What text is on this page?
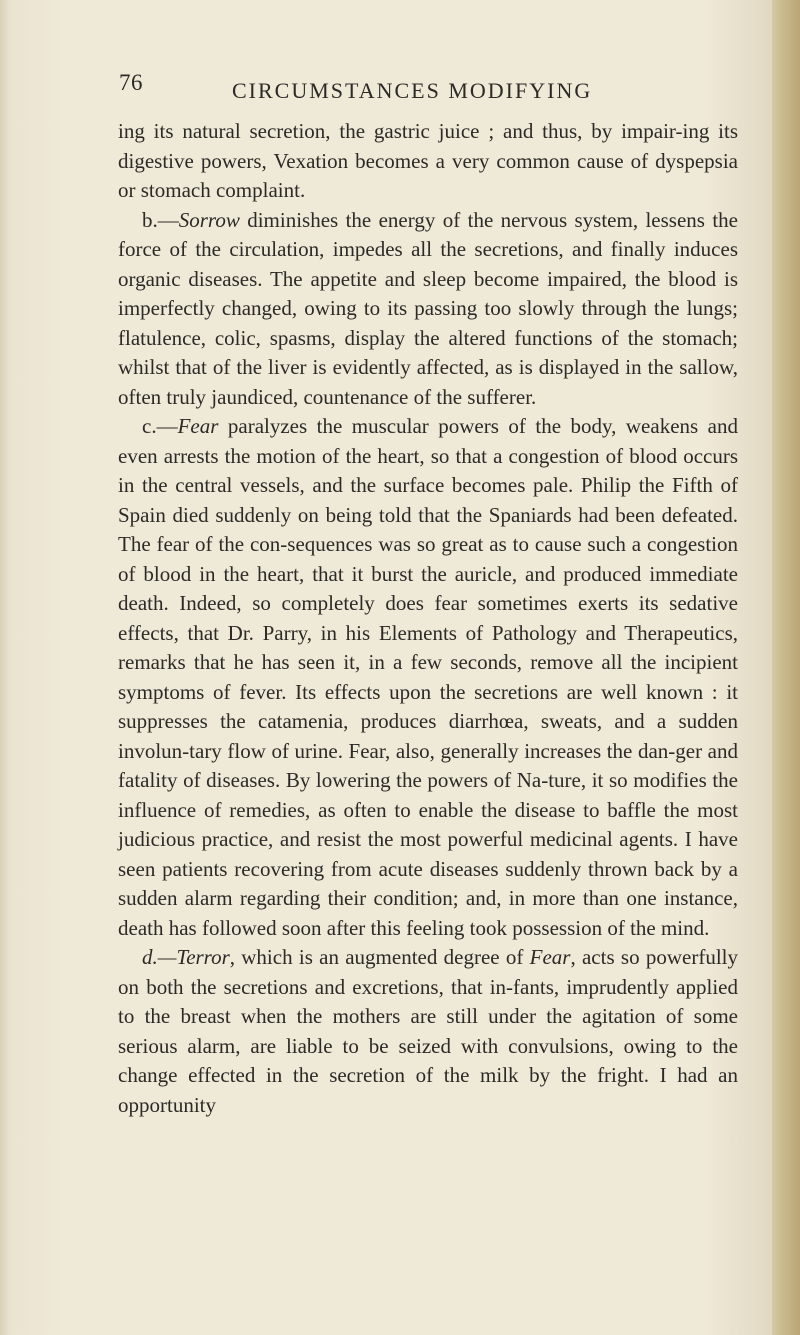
76	CIRCUMSTANCES MODIFYING

ing its natural secretion, the gastric juice ; and thus, by impair-ing its digestive powers, Vexation becomes a very common cause of dyspepsia or stomach complaint.

b.—Sorrow diminishes the energy of the nervous system, lessens the force of the circulation, impedes all the secretions, and finally induces organic diseases. The appetite and sleep become impaired, the blood is imperfectly changed, owing to its passing too slowly through the lungs; flatulence, colic, spasms, display the altered functions of the stomach; whilst that of the liver is evidently affected, as is displayed in the sallow, often truly jaundiced, countenance of the sufferer.

c.—Fear paralyzes the muscular powers of the body, weakens and even arrests the motion of the heart, so that a congestion of blood occurs in the central vessels, and the surface becomes pale. Philip the Fifth of Spain died suddenly on being told that the Spaniards had been defeated. The fear of the con-sequences was so great as to cause such a congestion of blood in the heart, that it burst the auricle, and produced immediate death. Indeed, so completely does fear sometimes exerts its sedative effects, that Dr. Parry, in his Elements of Pathology and Therapeutics, remarks that he has seen it, in a few seconds, remove all the incipient symptoms of fever. Its effects upon the secretions are well known : it suppresses the catamenia, produces diarrhœa, sweats, and a sudden involun-tary flow of urine. Fear, also, generally increases the dan-ger and fatality of diseases. By lowering the powers of Na-ture, it so modifies the influence of remedies, as often to enable the disease to baffle the most judicious practice, and resist the most powerful medicinal agents. I have seen patients recovering from acute diseases suddenly thrown back by a sudden alarm regarding their condition; and, in more than one instance, death has followed soon after this feeling took possession of the mind.

d.—Terror, which is an augmented degree of Fear, acts so powerfully on both the secretions and excretions, that in-fants, imprudently applied to the breast when the mothers are still under the agitation of some serious alarm, are liable to be seized with convulsions, owing to the change effected in the secretion of the milk by the fright. I had an opportunity
